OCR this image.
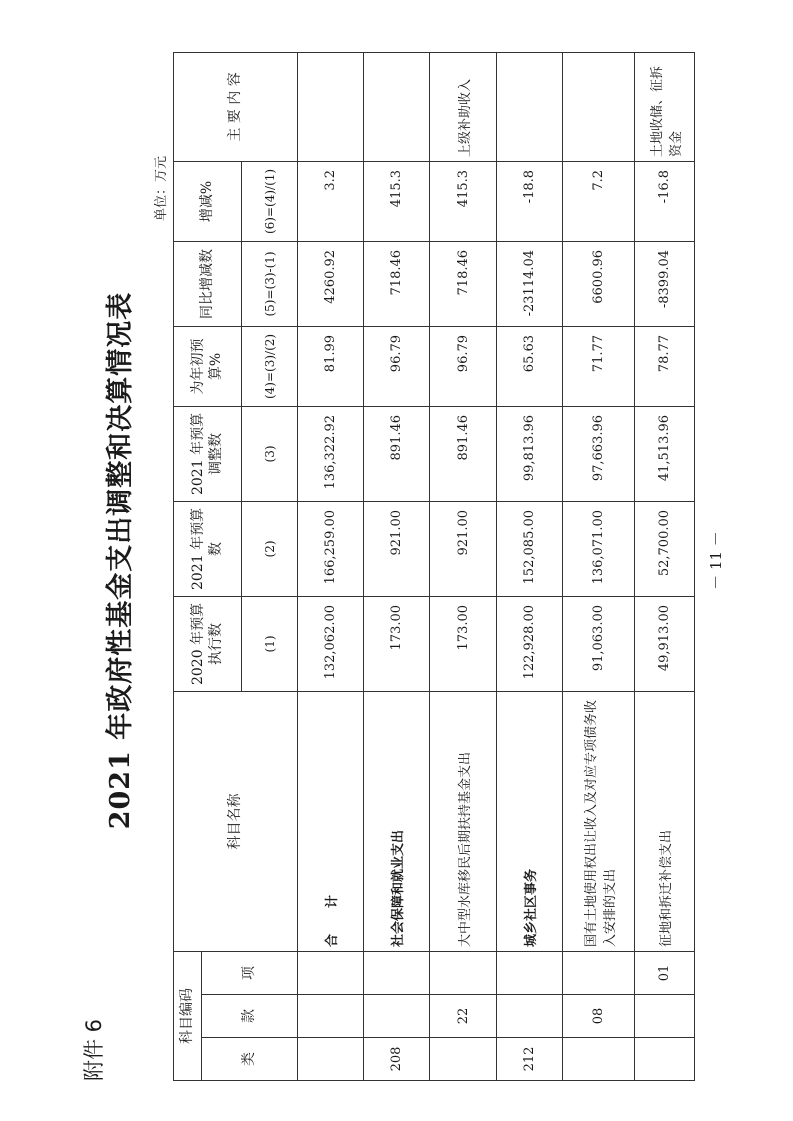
附件 6
2021 年政府性基金支出调整和决算情况表
单位：万元
科目编码			科目名称	2020 年预算执行数	2021 年预算数	2021 年预算调整数	为年初预算%	同比增减数	增减%	主 要 内 容
类	款	项								
				(1)	(2)	(3)	(4)=(3)/(2)	(5)=(3)-(1)	(6)=(4)/(1)	
			合　　计	132,062.00	166,259.00	136,322.92	81.99	4260.92	3.2	
208			社会保障和就业支出	173.00	921.00	891.46	96.79	718.46	415.3	
	22		大中型水库移民后期扶持基金支出	173.00	921.00	891.46	96.79	718.46	415.3	上级补助收入
212			城乡社区事务	122,928.00	152,085.00	99,813.96	65.63	-23114.04	-18.8	
	08		国有土地使用权出让收入及对应专项债务收入安排的支出	91,063.00	136,071.00	97,663.96	71.77	6600.96	7.2	
		01	征地和拆迁补偿支出	49,913.00	52,700.00	41,513.96	78.77	-8399.04	-16.8	土地收储、征拆资金
－ 11 －
